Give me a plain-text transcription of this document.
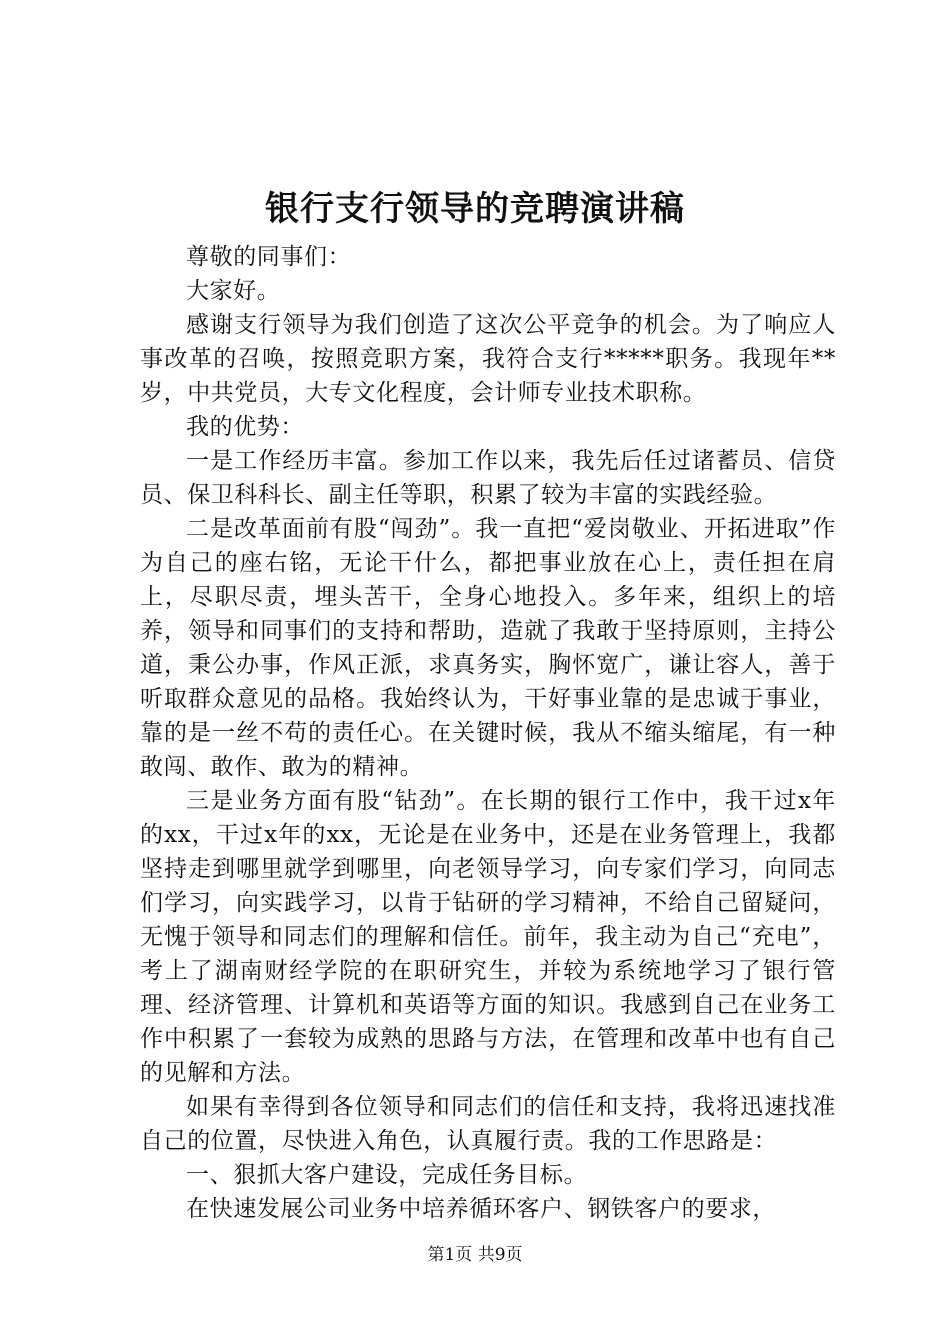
银行支行领导的竞聘演讲稿

尊敬的同事们：

大家好。

感谢支行领导为我们创造了这次公平竞争的机会。为了响应人事改革的召唤，按照竞职方案，我符合支行*****职务。我现年**岁，中共党员，大专文化程度，会计师专业技术职称。

我的优势：

一是工作经历丰富。参加工作以来，我先后任过诸蓄员、信贷员、保卫科科长、副主任等职，积累了较为丰富的实践经验。

二是改革面前有股“闯劲”。我一直把“爱岗敬业、开拓进取”作为自己的座右铭，无论干什么，都把事业放在心上，责任担在肩上，尽职尽责，埋头苦干，全身心地投入。多年来，组织上的培养，领导和同事们的支持和帮助，造就了我敢于坚持原则，主持公道，秉公办事，作风正派，求真务实，胸怀宽广，谦让容人，善于听取群众意见的品格。我始终认为，干好事业靠的是忠诚于事业，靠的是一丝不苟的责任心。在关键时候，我从不缩头缩尾，有一种敢闯、敢作、敢为的精神。

三是业务方面有股“钻劲”。在长期的银行工作中，我干过x年的xx，干过x年的xx，无论是在业务中，还是在业务管理上，我都坚持走到哪里就学到哪里，向老领导学习，向专家们学习，向同志们学习，向实践学习，以肯于钻研的学习精神，不给自己留疑问，无愧于领导和同志们的理解和信任。前年，我主动为自己“充电”，考上了湖南财经学院的在职研究生，并较为系统地学习了银行管理、经济管理、计算机和英语等方面的知识。我感到自己在业务工作中积累了一套较为成熟的思路与方法，在管理和改革中也有自己的见解和方法。

如果有幸得到各位领导和同志们的信任和支持，我将迅速找准自己的位置，尽快进入角色，认真履行责。我的工作思路是：

一、狠抓大客户建设，完成任务目标。

在快速发展公司业务中培养循环客户、钢铁客户的要求，

第1页 共9页
